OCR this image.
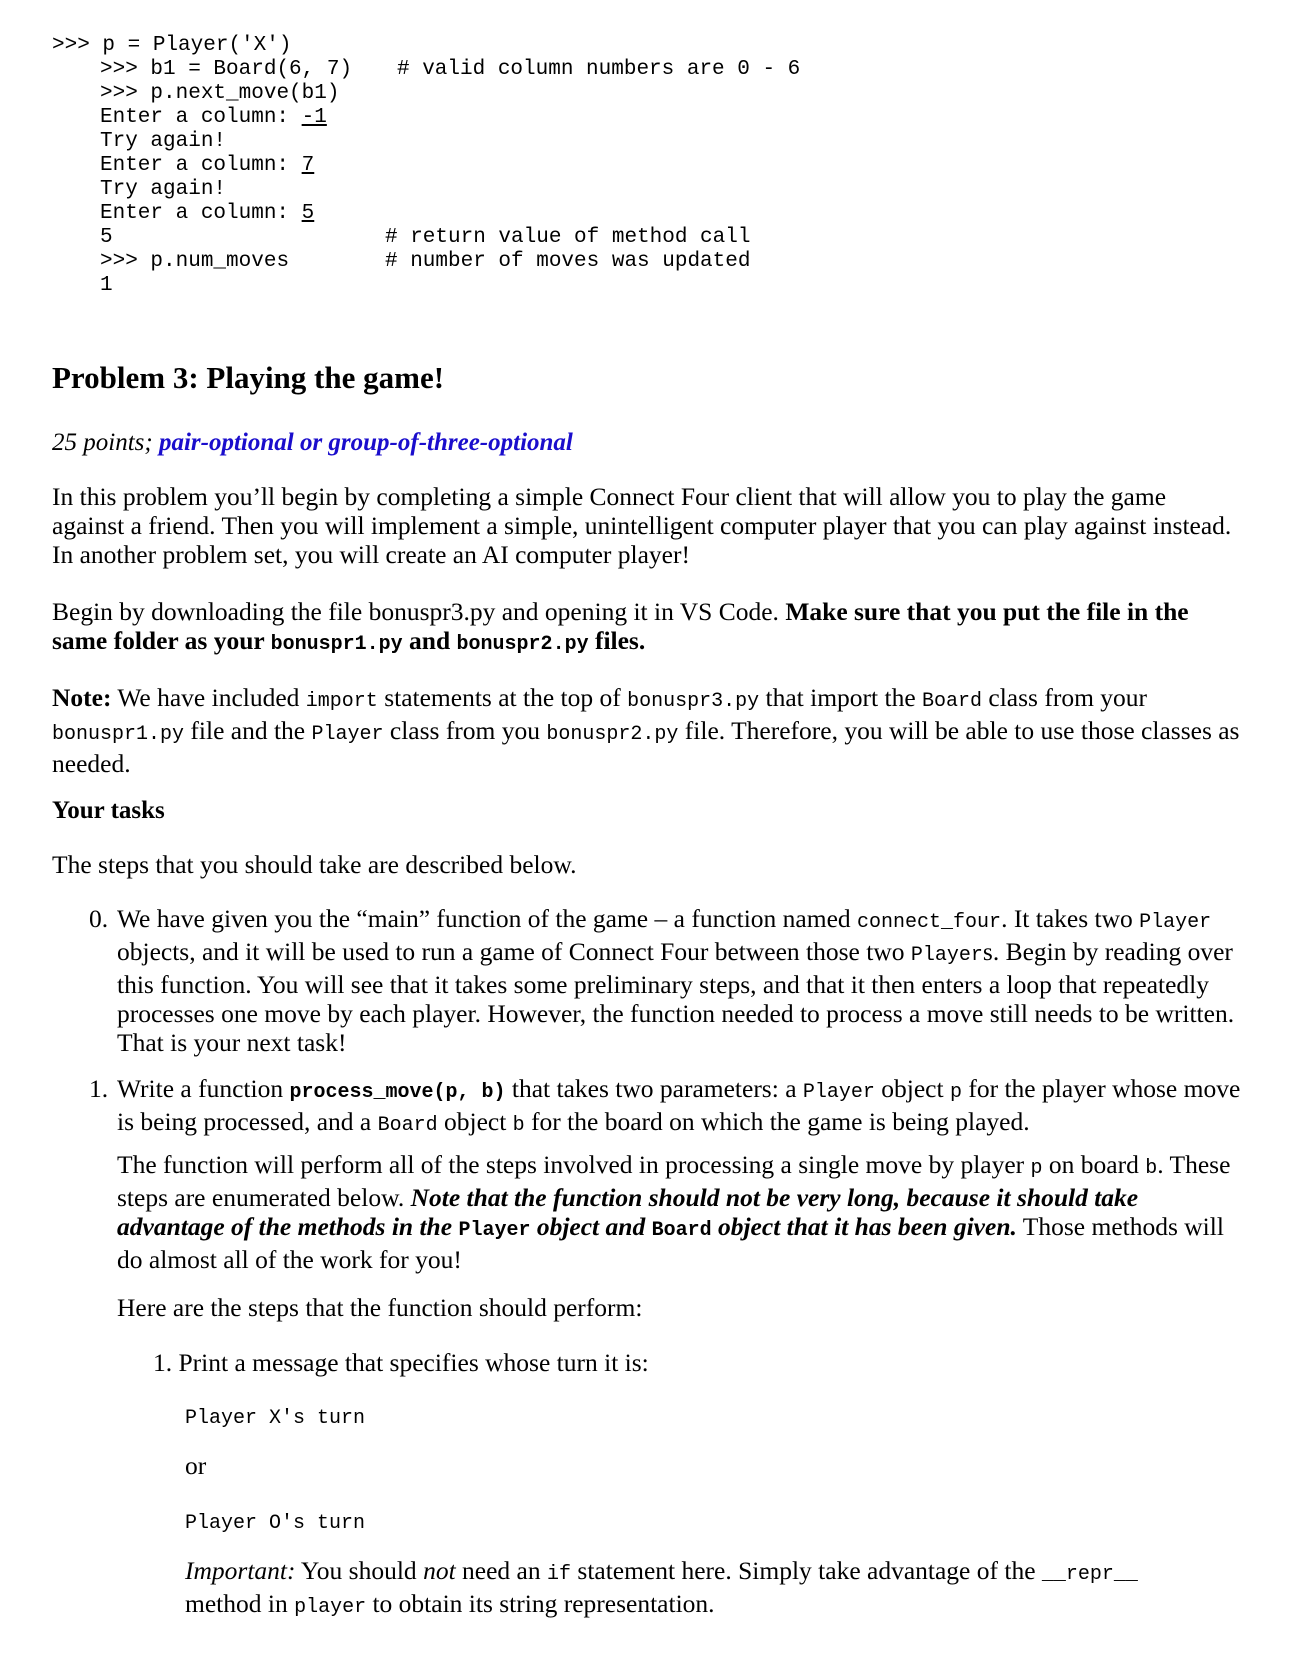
>>> p = Player('X')
>>> b1 = Board(6, 7) # valid column numbers are 0 - 6
>>> p.next_move(b1)
Enter a column: -1
Try again!
Enter a column: 7
Try again!
Enter a column: 5
5	# return value of method call
>>> p.num_moves	# number of moves was updated
1
Problem 3: Playing the game!
25 points; pair-optional or group-of-three-optional
In this problem you’ll begin by completing a simple Connect Four client that will allow you to play the game against a friend. Then you will implement a simple, unintelligent computer player that you can play against instead. In another problem set, you will create an AI computer player!
Begin by downloading the file bonuspr3.py and opening it in VS Code. Make sure that you put the file in the same folder as your bonuspr1.py and bonuspr2.py files.
Note: We have included import statements at the top of bonuspr3.py that import the Board class from your bonuspr1.py file and the Player class from you bonuspr2.py file. Therefore, you will be able to use those classes as needed.
Your tasks
The steps that you should take are described below.
0. We have given you the “main” function of the game – a function named connect_four. It takes two Player objects, and it will be used to run a game of Connect Four between those two Players. Begin by reading over this function. You will see that it takes some preliminary steps, and that it then enters a loop that repeatedly processes one move by each player. However, the function needed to process a move still needs to be written. That is your next task!
1. Write a function process_move(p, b) that takes two parameters: a Player object p for the player whose move is being processed, and a Board object b for the board on which the game is being played.
The function will perform all of the steps involved in processing a single move by player p on board b. These steps are enumerated below. Note that the function should not be very long, because it should take advantage of the methods in the Player object and Board object that it has been given. Those methods will do almost all of the work for you!
Here are the steps that the function should perform:
1. Print a message that specifies whose turn it is:
Player X's turn
or
Player O's turn
Important: You should not need an if statement here. Simply take advantage of the __repr__
method in player to obtain its string representation.
